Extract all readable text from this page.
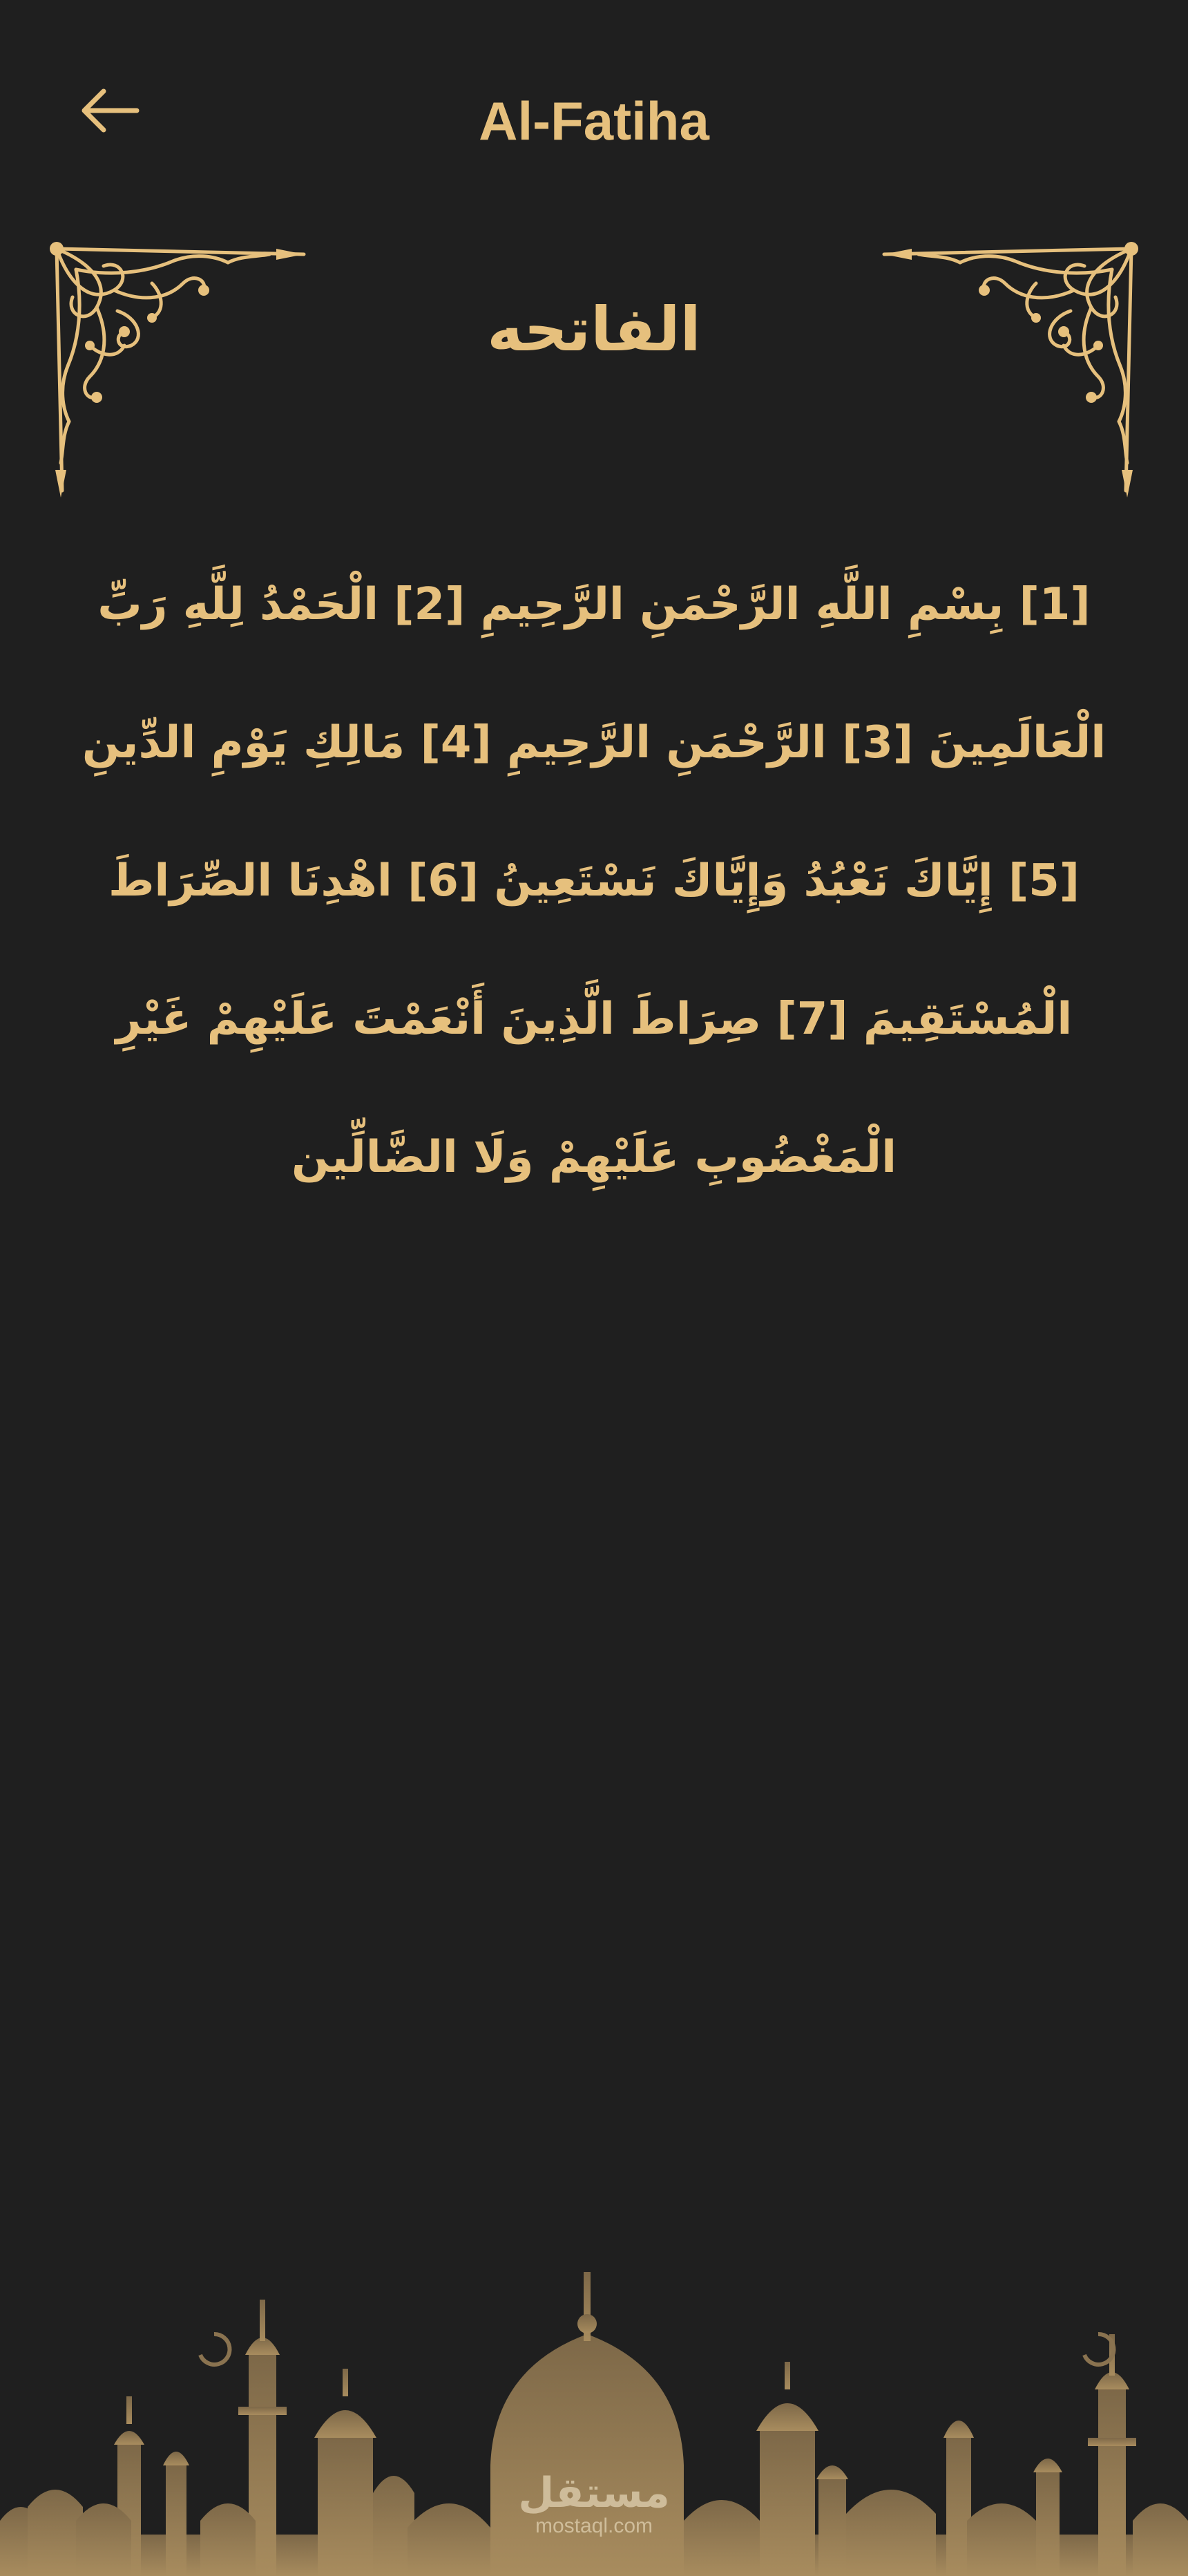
Al-Fatiha
الفاتحه
[1] بِسْمِ اللَّهِ الرَّحْمَنِ الرَّحِيمِ [2] الْحَمْدُ لِلَّهِ رَبِّ الْعَالَمِينَ [3] الرَّحْمَنِ الرَّحِيمِ [4] مَالِكِ يَوْمِ الدِّينِ [5] إِيَّاكَ نَعْبُدُ وَإِيَّاكَ نَسْتَعِينُ [6] اهْدِنَا الصِّرَاطَ الْمُسْتَقِيمَ [7] صِرَاطَ الَّذِينَ أَنْعَمْتَ عَلَيْهِمْ غَيْرِ الْمَغْضُوبِ عَلَيْهِمْ وَلَا الضَّالِّين
مستقل
mostaql.com
